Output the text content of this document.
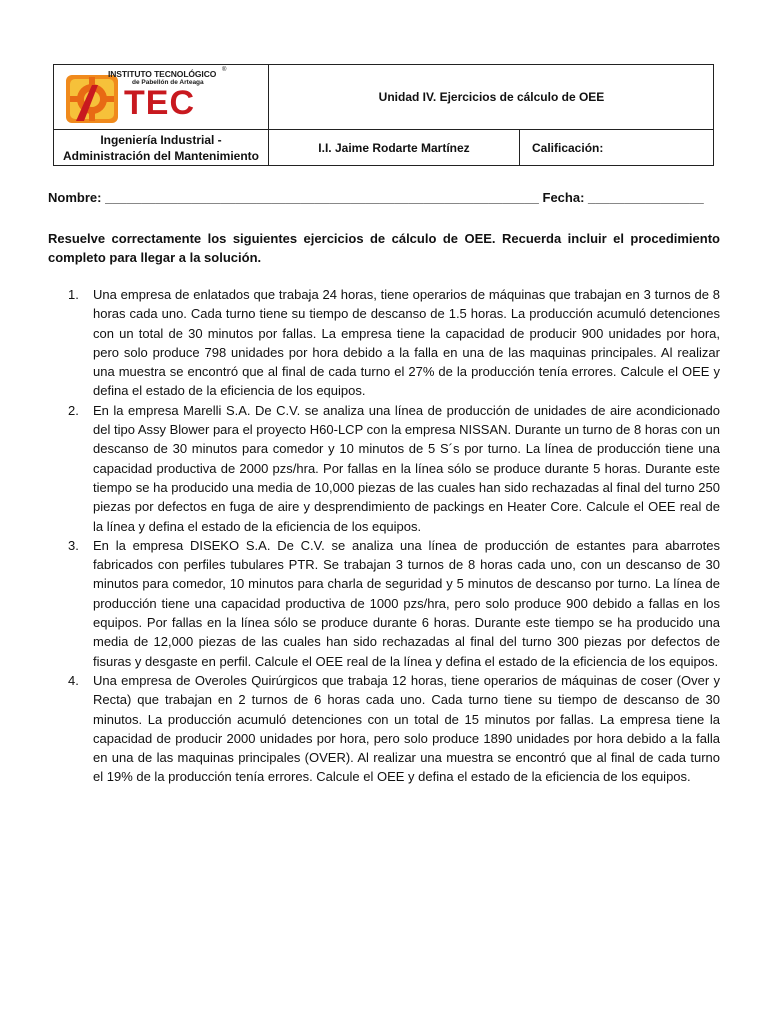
INSTITUTO TECNOLÓGICO ®
de Pabellón de Arteaga
TEC	Unidad IV. Ejercicios de cálculo de OEE
Ingeniería Industrial -
Administración del Mantenimiento
I.I. Jaime Rodarte Martínez	Calificación:
Nombre: ____________________________________________________________ Fecha: ________________
Resuelve correctamente los siguientes ejercicios de cálculo de OEE. Recuerda incluir el procedimiento completo para llegar a la solución.
1. Una empresa de enlatados que trabaja 24 horas, tiene operarios de máquinas que trabajan en 3 turnos de 8 horas cada uno. Cada turno tiene su tiempo de descanso de 1.5 horas. La producción acumuló detenciones con un total de 30 minutos por fallas. La empresa tiene la capacidad de producir 900 unidades por hora, pero solo produce 798 unidades por hora debido a la falla en una de las maquinas principales. Al realizar una muestra se encontró que al final de cada turno el 27% de la producción tenía errores. Calcule el OEE y defina el estado de la eficiencia de los equipos.
2. En la empresa Marelli S.A. De C.V. se analiza una línea de producción de unidades de aire acondicionado del tipo Assy Blower para el proyecto H60-LCP con la empresa NISSAN. Durante un turno de 8 horas con un descanso de 30 minutos para comedor y 10 minutos de 5 S´s por turno. La línea de producción tiene una capacidad productiva de 2000 pzs/hra. Por fallas en la línea sólo se produce durante 5 horas. Durante este tiempo se ha producido una media de 10,000 piezas de las cuales han sido rechazadas al final del turno 250 piezas por defectos en fuga de aire y desprendimiento de packings en Heater Core. Calcule el OEE real de la línea y defina el estado de la eficiencia de los equipos.
3. En la empresa DISEKO S.A. De C.V. se analiza una línea de producción de estantes para abarrotes fabricados con perfiles tubulares PTR. Se trabajan 3 turnos de 8 horas cada uno, con un descanso de 30 minutos para comedor, 10 minutos para charla de seguridad y 5 minutos de descanso por turno. La línea de producción tiene una capacidad productiva de 1000 pzs/hra, pero solo produce 900 debido a fallas en los equipos. Por fallas en la línea sólo se produce durante 6 horas. Durante este tiempo se ha producido una media de 12,000 piezas de las cuales han sido rechazadas al final del turno 300 piezas por defectos de fisuras y desgaste en perfil. Calcule el OEE real de la línea y defina el estado de la eficiencia de los equipos.
4. Una empresa de Overoles Quirúrgicos que trabaja 12 horas, tiene operarios de máquinas de coser (Over y Recta) que trabajan en 2 turnos de 6 horas cada uno. Cada turno tiene su tiempo de descanso de 30 minutos. La producción acumuló detenciones con un total de 15 minutos por fallas. La empresa tiene la capacidad de producir 2000 unidades por hora, pero solo produce 1890 unidades por hora debido a la falla en una de las maquinas principales (OVER). Al realizar una muestra se encontró que al final de cada turno el 19% de la producción tenía errores. Calcule el OEE y defina el estado de la eficiencia de los equipos.
